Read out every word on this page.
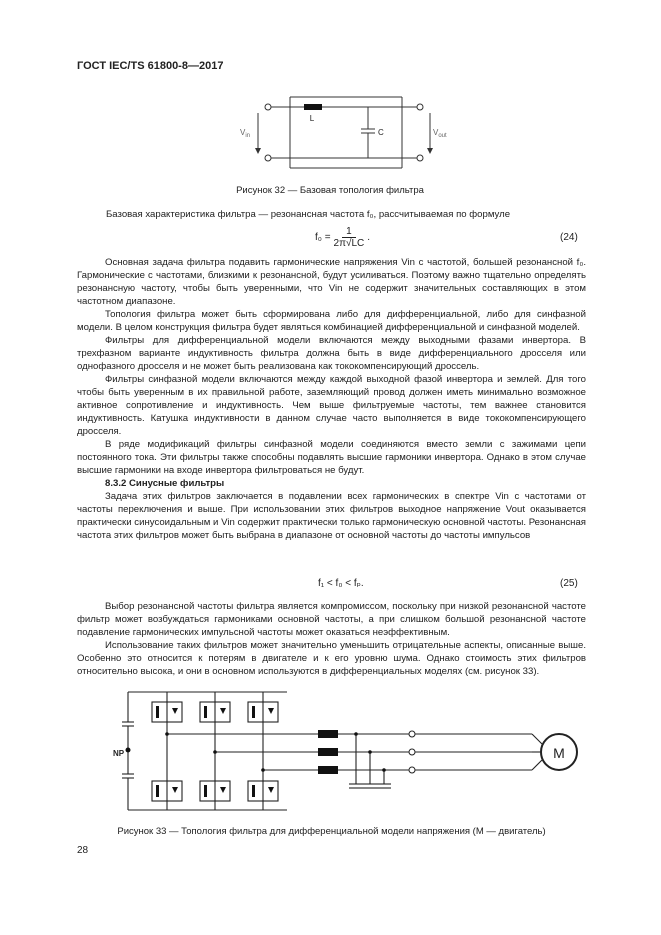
ГОСТ IEC/TS 61800-8—2017
L
C
$V_{in}$	$V_{out}$
Рисунок 32 — Базовая топология фильтра
Базовая характеристика фильтра — резонансная частота f₀, рассчитываемая по формуле
$f_0 = \frac{1}{2\pi√LC}$ .	(24)

Основная задача фильтра подавить гармонические напряжения Vin с частотой, большей резонансной f₀. Гармонические с частотами, близкими к резонансной, будут усиливаться. Поэтому важно тщательно определять резонансную частоту, чтобы быть уверенными, что Vin не содержит значительных составляющих в этом частотном диапазоне.

Топология фильтра может быть сформирована либо для дифференциальной, либо для синфазной модели. В целом конструкция фильтра будет являться комбинацией дифференциальной и синфазной моделей.

Фильтры для дифференциальной модели включаются между выходными фазами инвертора. В трехфазном варианте индуктивность фильтра должна быть в виде дифференциального дросселя или однофазного дросселя и не может быть реализована как тококомпенсирующий дроссель.

Фильтры синфазной модели включаются между каждой выходной фазой инвертора и землей. Для того чтобы быть уверенным в их правильной работе, заземляющий провод должен иметь минимально возможное активное сопротивление и индуктивность. Чем выше фильтруемые частоты, тем важнее становится индуктивность. Катушка индуктивности в данном случае часто выполняется в виде тококомпенсирующего дросселя.

В ряде модификаций фильтры синфазной модели соединяются вместо земли с зажимами цепи постоянного тока. Эти фильтры также способны подавлять высшие гармоники инвертора. Однако в этом случае высшие гармоники на входе инвертора фильтроваться не будут.

8.3.2 Синусные фильтры

Задача этих фильтров заключается в подавлении всех гармонических в спектре Vin с частотами от частоты переключения и выше. При использовании этих фильтров выходное напряжение Vout оказывается практически синусоидальным и Vin содержит практически только гармоническую основной частоты. Резонансная частота этих фильтров может быть выбрана в диапазоне от основной частоты до частоты импульсов

f₁ < f₀ < fₚ.	(25)

Выбор резонансной частоты фильтра является компромиссом, поскольку при низкой резонансной частоте фильтр может возбуждаться гармониками основной частоты, а при слишком большой резонансной частоте подавление гармонических импульсной частоты может оказаться неэффективным.

Использование таких фильтров может значительно уменьшить отрицательные аспекты, описанные выше. Особенно это относится к потерям в двигателе и к его уровню шума. Однако стоимость этих фильтров относительно высока, и они в основном используются в дифференциальных моделях (см. рисунок 33).

NP	M
Рисунок 33 — Топология фильтра для дифференциальной модели напряжения (M — двигатель)
28
